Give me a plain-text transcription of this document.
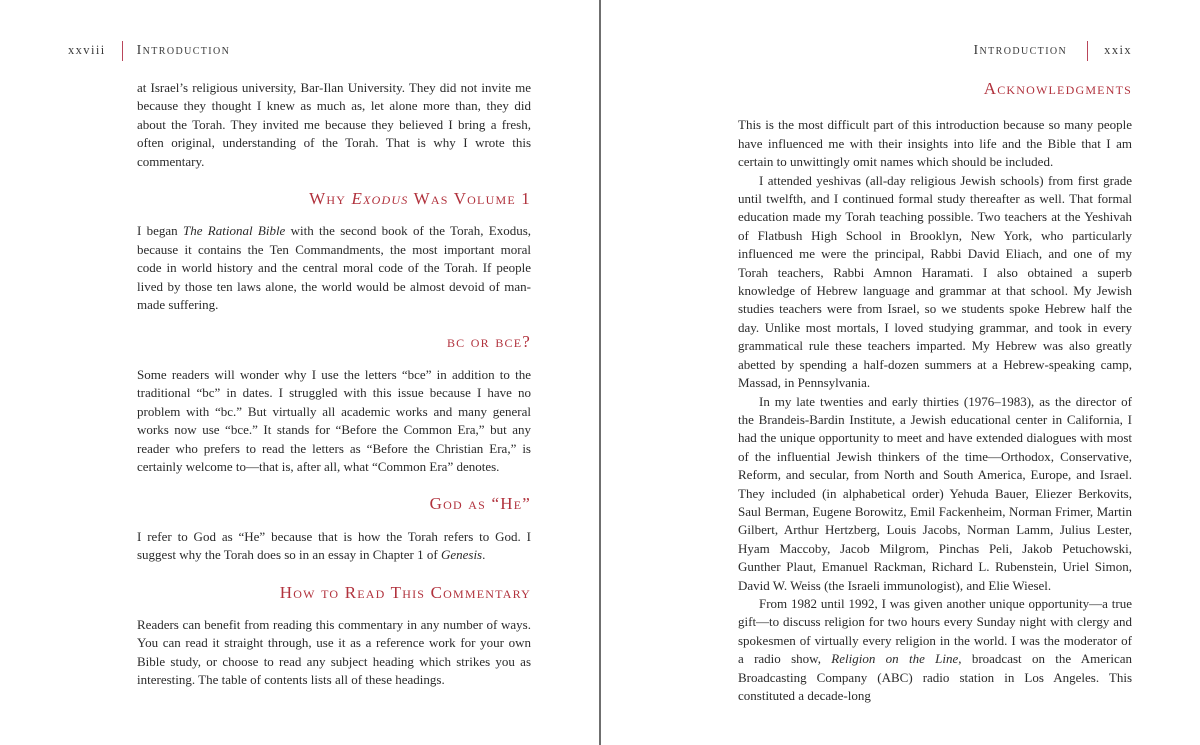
xxviii Introduction

at Israel’s religious university, Bar-Ilan University. They did not invite me because they thought I knew as much as, let alone more than, they did about the Torah. They invited me because they believed I bring a fresh, often original, understanding of the Torah. That is why I wrote this commentary.

Why Exodus Was Volume 1

I began The Rational Bible with the second book of the Torah, Exodus, because it contains the Ten Commandments, the most important moral code in world history and the central moral code of the Torah. If people lived by those ten laws alone, the world would be almost devoid of man-made suffering.

bc or bce?

Some readers will wonder why I use the letters “bce” in addition to the traditional “bc” in dates. I struggled with this issue because I have no problem with “bc.” But virtually all academic works and many general works now use “bce.” It stands for “Before the Common Era,” but any reader who prefers to read the letters as “Before the Christian Era,” is certainly welcome to—that is, after all, what “Common Era” denotes.

God as “He”

I refer to God as “He” because that is how the Torah refers to God. I suggest why the Torah does so in an essay in Chapter 1 of Genesis.

How to Read This Commentary

Readers can benefit from reading this commentary in any number of ways. You can read it straight through, use it as a reference work for your own Bible study, or choose to read any subject heading which strikes you as interesting. The table of contents lists all of these headings.

Introduction	xxix
Acknowledgments

This is the most difficult part of this introduction because so many people have influenced me with their insights into life and the Bible that I am certain to unwittingly omit names which should be included.

I attended yeshivas (all-day religious Jewish schools) from first grade until twelfth, and I continued formal study thereafter as well. That formal education made my Torah teaching possible. Two teachers at the Yeshivah of Flatbush High School in Brooklyn, New York, who particularly influenced me were the principal, Rabbi David Eliach, and one of my Torah teachers, Rabbi Amnon Haramati. I also obtained a superb knowledge of Hebrew language and grammar at that school. My Jewish studies teachers were from Israel, so we students spoke Hebrew half the day. Unlike most mortals, I loved studying grammar, and took in every grammatical rule these teachers imparted. My Hebrew was also greatly abetted by spending a half-dozen summers at a Hebrew-speaking camp, Massad, in Pennsylvania.

In my late twenties and early thirties (1976–1983), as the director of the Brandeis-Bardin Institute, a Jewish educational center in California, I had the unique opportunity to meet and have extended dialogues with most of the influential Jewish thinkers of the time—Orthodox, Conservative, Reform, and secular, from North and South America, Europe, and Israel. They included (in alphabetical order) Yehuda Bauer, Eliezer Berkovits, Saul Berman, Eugene Borowitz, Emil Fackenheim, Norman Frimer, Martin Gilbert, Arthur Hertzberg, Louis Jacobs, Norman Lamm, Julius Lester, Hyam Maccoby, Jacob Milgrom, Pinchas Peli, Jakob Petuchowski, Gunther Plaut, Emanuel Rackman, Richard L. Rubenstein, Uriel Simon, David W. Weiss (the Israeli immunologist), and Elie Wiesel.

From 1982 until 1992, I was given another unique opportunity—a true gift—to discuss religion for two hours every Sunday night with clergy and spokesmen of virtually every religion in the world. I was the moderator of a radio show, Religion on the Line, broadcast on the American Broadcasting Company (ABC) radio station in Los Angeles. This constituted a decade-long
